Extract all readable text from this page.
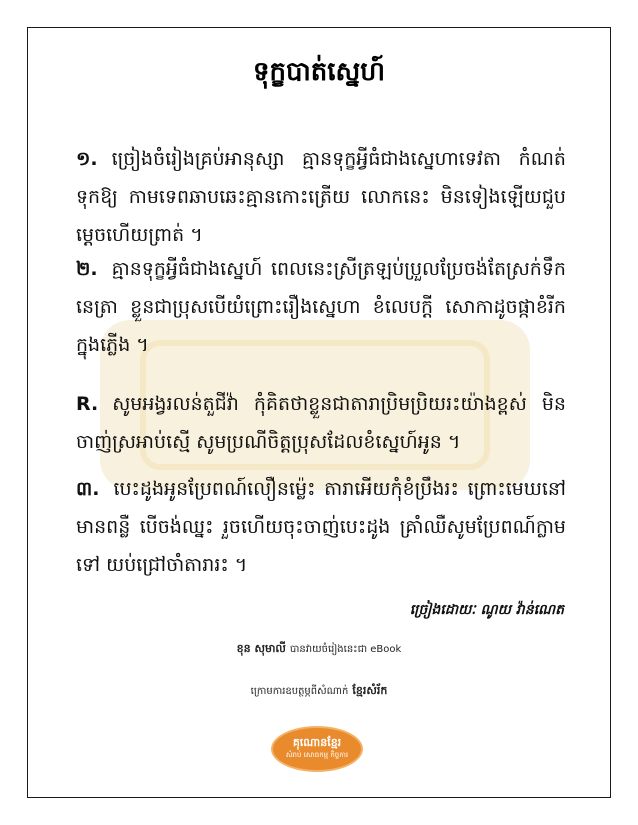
ទុក្ខបាត់ស្នេហ៍
១. ច្រៀងចំរៀងគ្រប់អានុស្សា គ្មានទុក្ខអ្វីធំជាងស្នេហាទេវតា កំណត់ទុកឱ្យ កាមទេពឆាបឆេះគ្មានកោះត្រើយ លោកនេះ មិនទៀងឡើយជួបមេ្តចហើយព្រាត់ ។
២. គ្មានទុក្ខអ្វីធំជាងស្នេហ៍ ពេលនេះស្រីត្រឡប់ប្រួលប្រែចង់តែស្រក់ទឹកនេត្រា ខ្លួនជាប្រុសបើយំព្រោះរឿងស្នេហា ខំលេបក្តី សោកាដូចផ្កាខំរីកក្នុងភ្លើង ។
R. សូមអង្វរលន់តួជីវ៉ា កុំគិតថាខ្លួនជាតារាប្រិមប្រិយរះយ៉ាងខ្ពស់ មិនចាញ់ស្រអាប់ស្មើ សូមប្រណីចិត្តប្រុសដែលខំស្នេហ៍អូន ។
៣. បេះដូងអូនប្រែពណ៍លឿនម្ល៉េះ តារាអើយកុំខំប្រឹងរះ ព្រោះមេឃនៅមានពន្លឺ បើចង់ឈ្នះ រួចហើយចុះចាញ់បេះដូង គ្រាំឈឺសូមប្រែពណ៍ក្លាមទៅ យប់ជ្រៅចាំតារារះ ។
ច្រៀងដោយៈ ណូយ វ៉ាន់ណេត
ខុន សុមាលី បានវាយចំរៀងនេះជា eBook
ក្រោមការឧបត្ថម្ភពីសំណាក់ ខ្មែរសំរ័ក
គុណោនខ្មែរ
សំរាប់ សោធកម្ម កិច្ចការ
